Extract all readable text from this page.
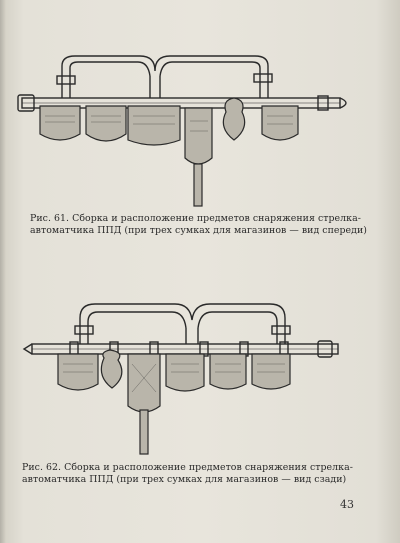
Рис. 61. Сборка и расположение предметов снаряжения стрелка-
автоматчика ППД (при трех сумках для магазинов — вид спереди)
Рис. 62. Сборка и расположение предметов снаряжения стрелка-
автоматчика ППД (при трех сумках для магазинов — вид сзади)
43
